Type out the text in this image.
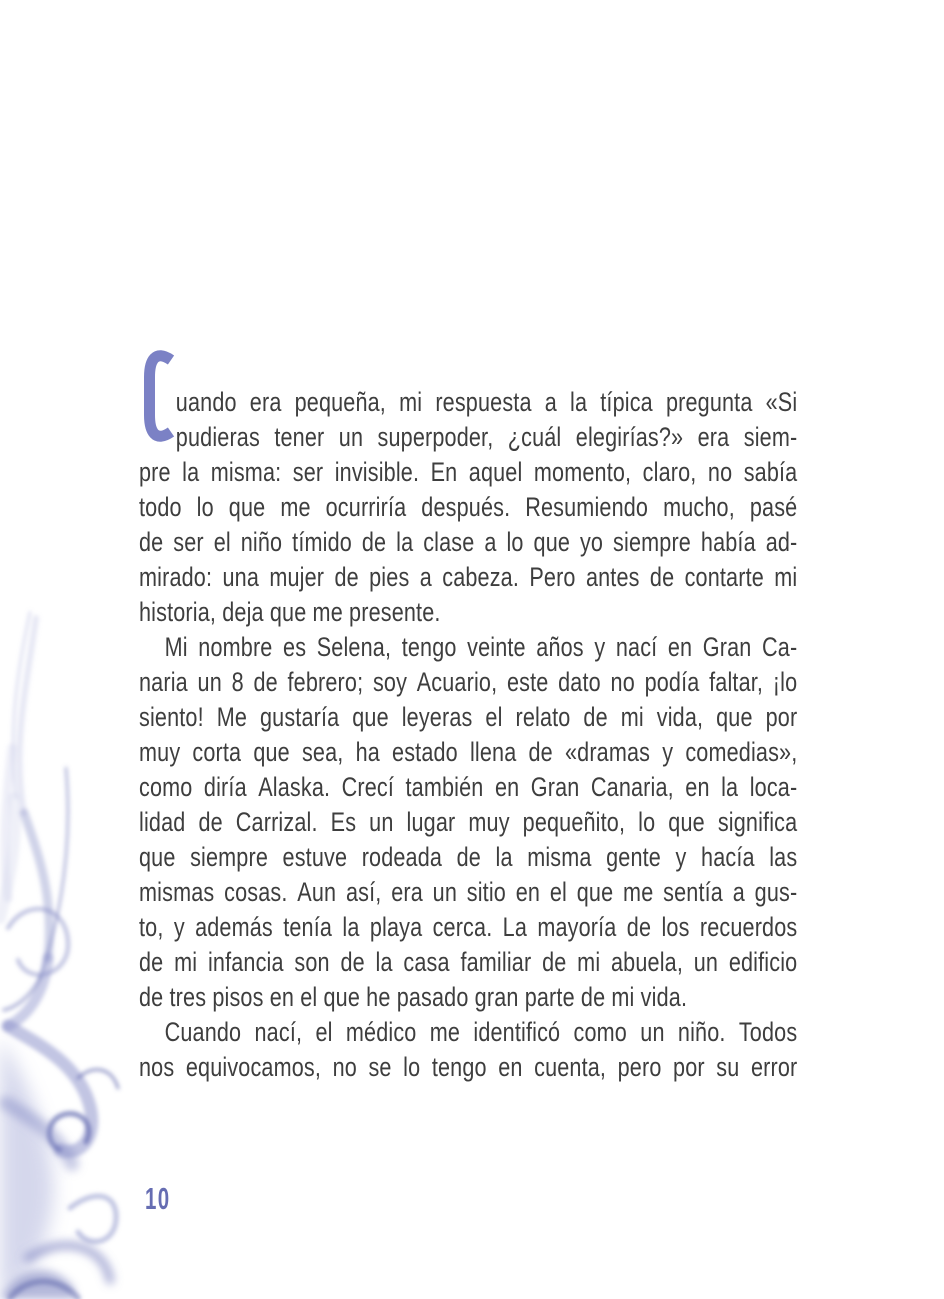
uando era pequeña, mi respuesta a la típica pregunta «Si
pudieras tener un superpoder, ¿cuál elegirías?» era siem-
pre la misma: ser invisible. En aquel momento, claro, no sabía
todo lo que me ocurriría después. Resumiendo mucho, pasé
de ser el niño tímido de la clase a lo que yo siempre había ad-
mirado: una mujer de pies a cabeza. Pero antes de contarte mi
historia, deja que me presente.
Mi nombre es Selena, tengo veinte años y nací en Gran Ca-
naria un 8 de febrero; soy Acuario, este dato no podía faltar, ¡lo
siento! Me gustaría que leyeras el relato de mi vida, que por
muy corta que sea, ha estado llena de «dramas y comedias»,
como diría Alaska. Crecí también en Gran Canaria, en la loca-
lidad de Carrizal. Es un lugar muy pequeñito, lo que significa
que siempre estuve rodeada de la misma gente y hacía las
mismas cosas. Aun así, era un sitio en el que me sentía a gus-
to, y además tenía la playa cerca. La mayoría de los recuerdos
de mi infancia son de la casa familiar de mi abuela, un edificio
de tres pisos en el que he pasado gran parte de mi vida.
Cuando nací, el médico me identificó como un niño. Todos
nos equivocamos, no se lo tengo en cuenta, pero por su error
10
